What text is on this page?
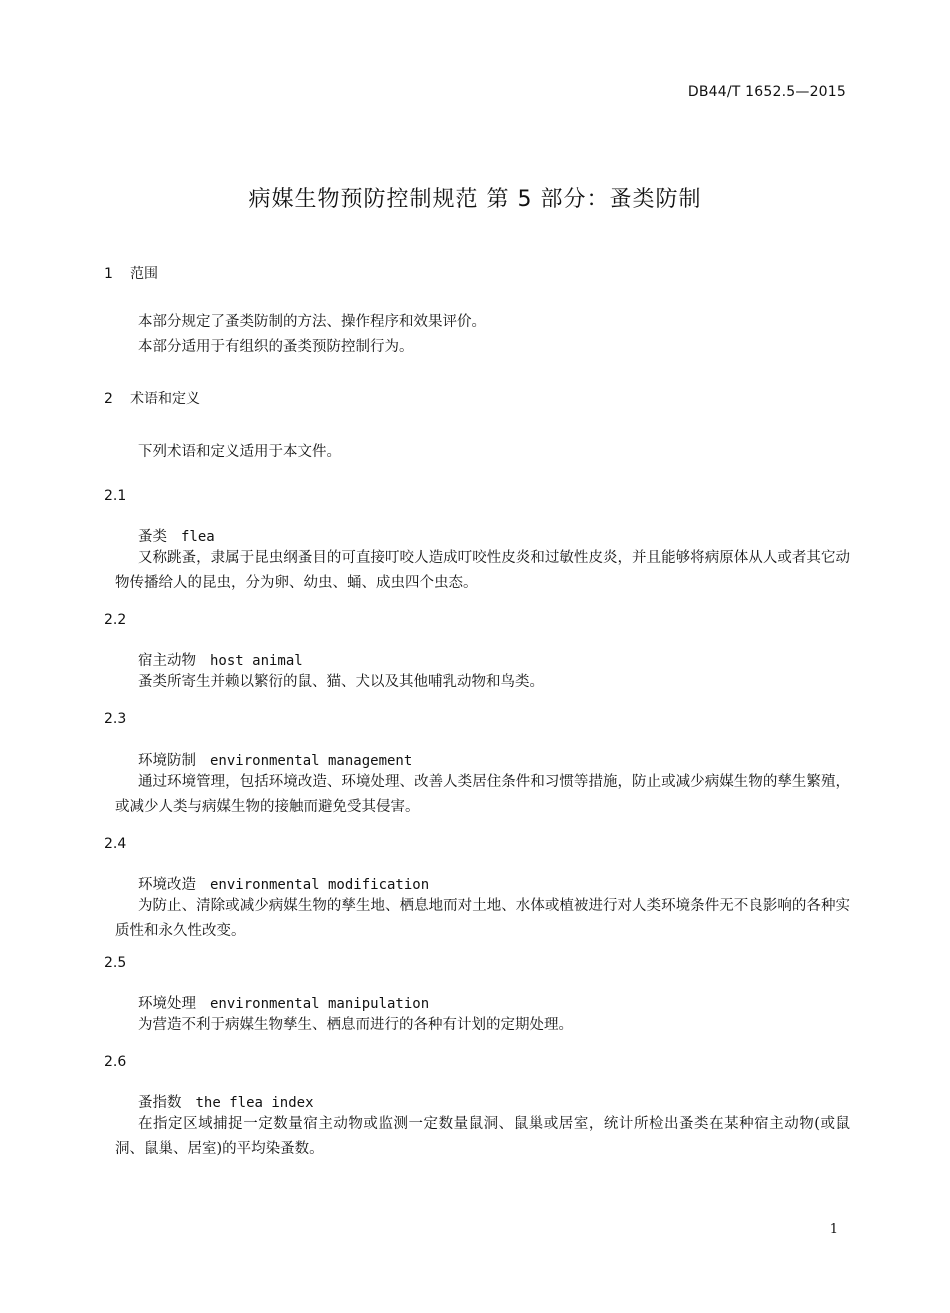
DB44/T 1652.5—2015
病媒生物预防控制规范 第 5 部分：蚤类防制
1 范围
本部分规定了蚤类防制的方法、操作程序和效果评价。
本部分适用于有组织的蚤类预防控制行为。
2 术语和定义
下列术语和定义适用于本文件。
2.1
蚤类 flea
又称跳蚤，隶属于昆虫纲蚤目的可直接叮咬人造成叮咬性皮炎和过敏性皮炎，并且能够将病原体从人或者其它动物传播给人的昆虫，分为卵、幼虫、蛹、成虫四个虫态。
2.2
宿主动物 host animal
蚤类所寄生并赖以繁衍的鼠、猫、犬以及其他哺乳动物和鸟类。
2.3
环境防制 environmental management
通过环境管理，包括环境改造、环境处理、改善人类居住条件和习惯等措施，防止或减少病媒生物的孳生繁殖，或减少人类与病媒生物的接触而避免受其侵害。
2.4
环境改造 environmental modification
为防止、清除或减少病媒生物的孳生地、栖息地而对土地、水体或植被进行对人类环境条件无不良影响的各种实质性和永久性改变。
2.5
环境处理 environmental manipulation
为营造不利于病媒生物孳生、栖息而进行的各种有计划的定期处理。
2.6
蚤指数 the flea index
在指定区域捕捉一定数量宿主动物或监测一定数量鼠洞、鼠巢或居室，统计所检出蚤类在某种宿主动物(或鼠洞、鼠巢、居室)的平均染蚤数。
1
